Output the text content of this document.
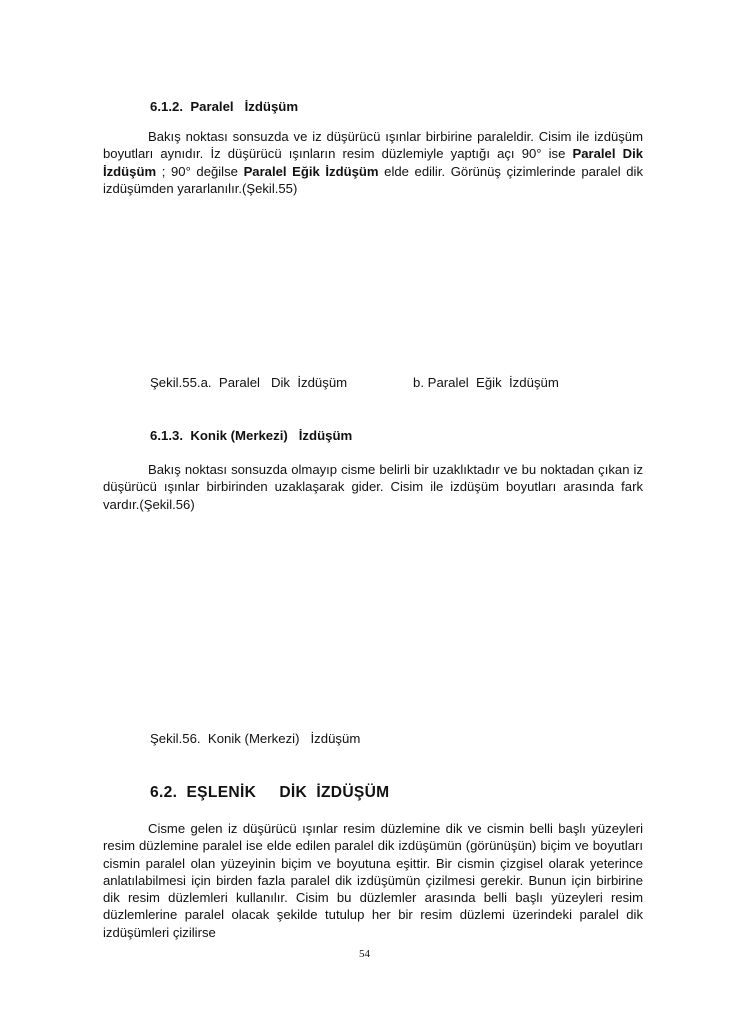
6.1.2.  Paralel   İzdüşüm

Bakış noktası sonsuzda ve iz düşürücü ışınlar birbirine paraleldir. Cisim ile izdüşüm boyutları aynıdır. İz düşürücü ışınların resim düzlemiyle yaptığı açı 90° ise Paralel Dik İzdüşüm ; 90° değilse Paralel Eğik İzdüşüm elde edilir. Görünüş çizimlerinde paralel dik izdüşümden yararlanılır.(Şekil.55)

Şekil.55.a.  Paralel   Dik  İzdüşüm	b. Paralel  Eğik  İzdüşüm
6.1.3.  Konik (Merkezi)   İzdüşüm

Bakış noktası sonsuzda olmayıp cisme belirli bir uzaklıktadır ve bu noktadan çıkan iz düşürücü ışınlar birbirinden uzaklaşarak gider. Cisim ile izdüşüm boyutları arasında fark vardır.(Şekil.56)

Şekil.56.  Konik (Merkezi)   İzdüşüm
6.2.  EŞLENİK     DİK  İZDÜŞÜM

Cisme gelen iz düşürücü ışınlar resim düzlemine dik ve cismin belli başlı yüzeyleri resim düzlemine paralel ise elde edilen paralel dik izdüşümün (görünüşün) biçim ve boyutları cismin paralel olan yüzeyinin biçim ve boyutuna eşittir. Bir cismin çizgisel olarak yeterince anlatılabilmesi için birden fazla paralel dik izdüşümün çizilmesi gerekir. Bunun için birbirine dik resim düzlemleri kullanılır. Cisim bu düzlemler arasında belli başlı yüzeyleri resim düzlemlerine paralel olacak şekilde tutulup her bir resim düzlemi üzerindeki paralel dik izdüşümleri çizilirse

54
